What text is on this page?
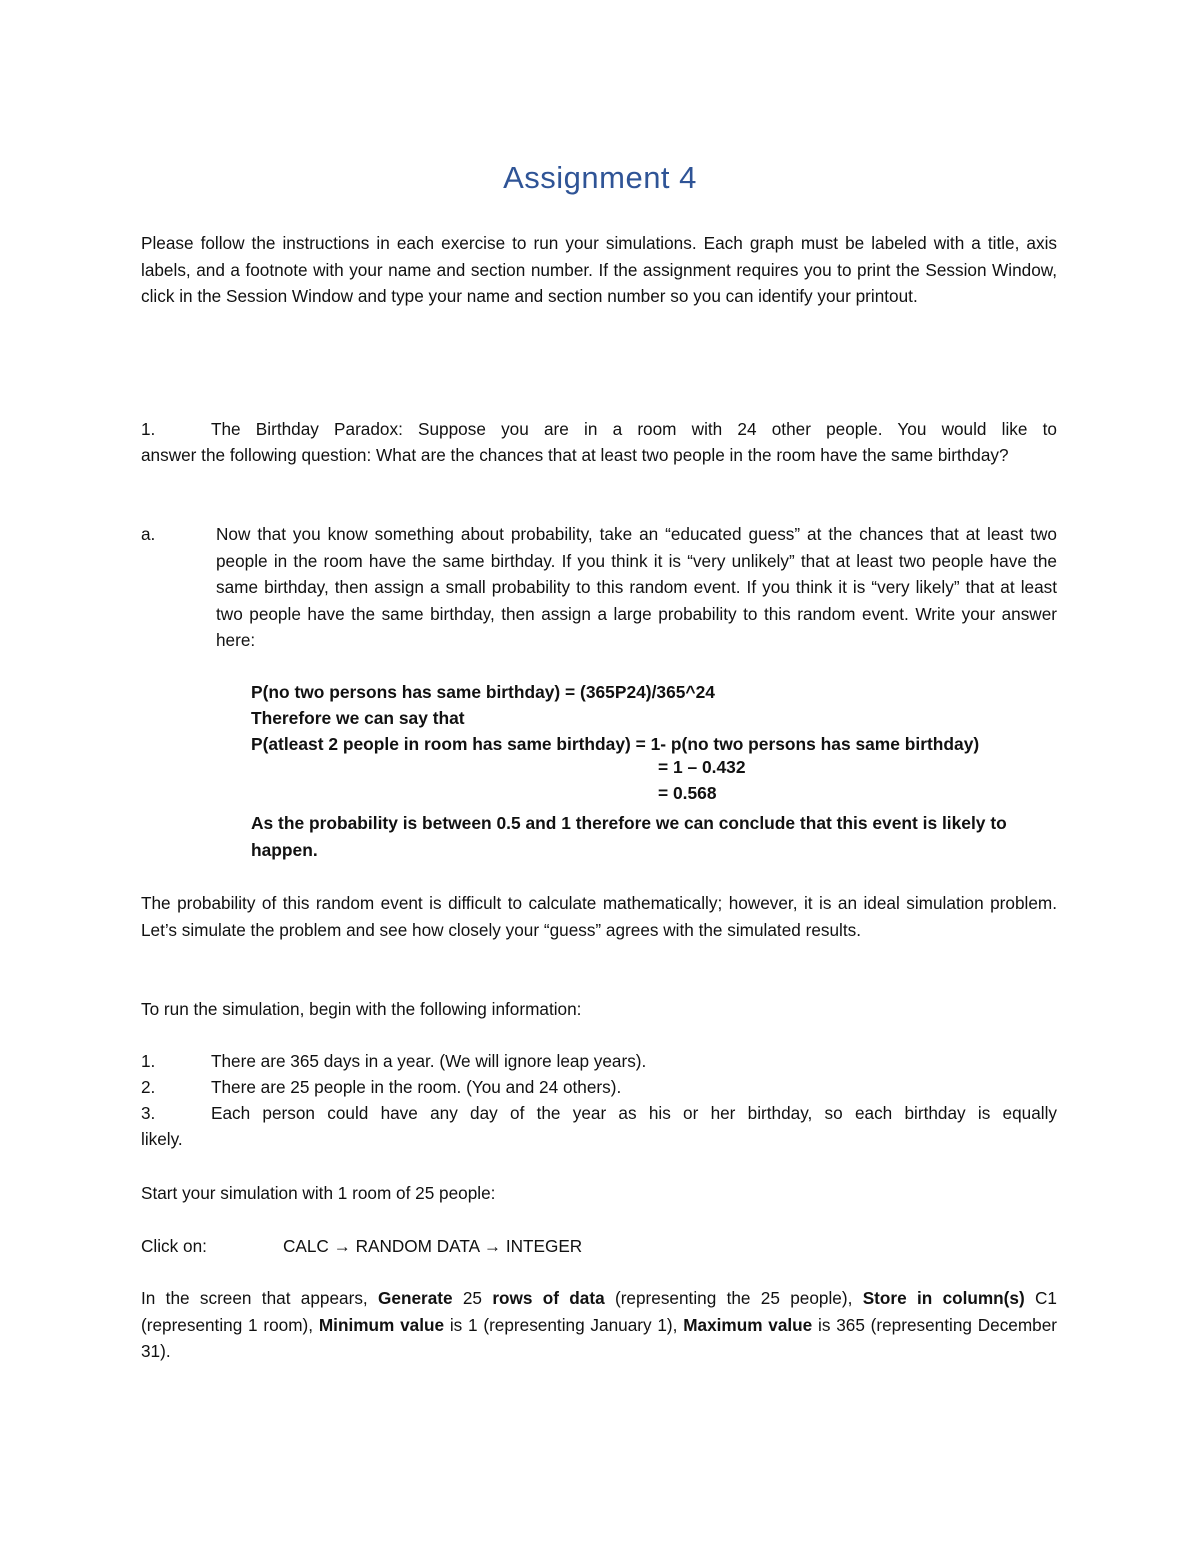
Assignment 4
Please follow the instructions in each exercise to run your simulations. Each graph must be labeled with a title, axis labels, and a footnote with your name and section number. If the assignment requires you to print the Session Window, click in the Session Window and type your name and section number so you can identify your printout.
1.	The Birthday Paradox: Suppose you are in a room with 24 other people. You would like to
answer the following question: What are the chances that at least two people in the room have the same birthday?
a.	Now that you know something about probability, take an “educated guess” at the chances that at least two people in the room have the same birthday. If you think it is “very unlikely” that at least two people have the same birthday, then assign a small probability to this random event. If you think it is “very likely” that at least two people have the same birthday, then assign a large probability to this random event. Write your answer here:
P(no two persons has same birthday) = (365P24)/365^24
Therefore we can say that
P(atleast 2 people in room has same birthday) = 1- p(no two persons has same birthday)
= 1 – 0.432
= 0.568
As the probability is between 0.5 and 1 therefore we can conclude that this event is likely to happen.
The probability of this random event is difficult to calculate mathematically; however, it is an ideal simulation problem. Let’s simulate the problem and see how closely your “guess” agrees with the simulated results.
To run the simulation, begin with the following information:
1.	There are 365 days in a year. (We will ignore leap years).
2.	There are 25 people in the room. (You and 24 others).
3.	Each person could have any day of the year as his or her birthday, so each birthday is equally
likely.
Start your simulation with 1 room of 25 people:
Click on:	CALC → RANDOM DATA → INTEGER
In the screen that appears, Generate 25 rows of data (representing the 25 people), Store in column(s) C1 (representing 1 room), Minimum value is 1 (representing January 1), Maximum value is 365 (representing December 31).
